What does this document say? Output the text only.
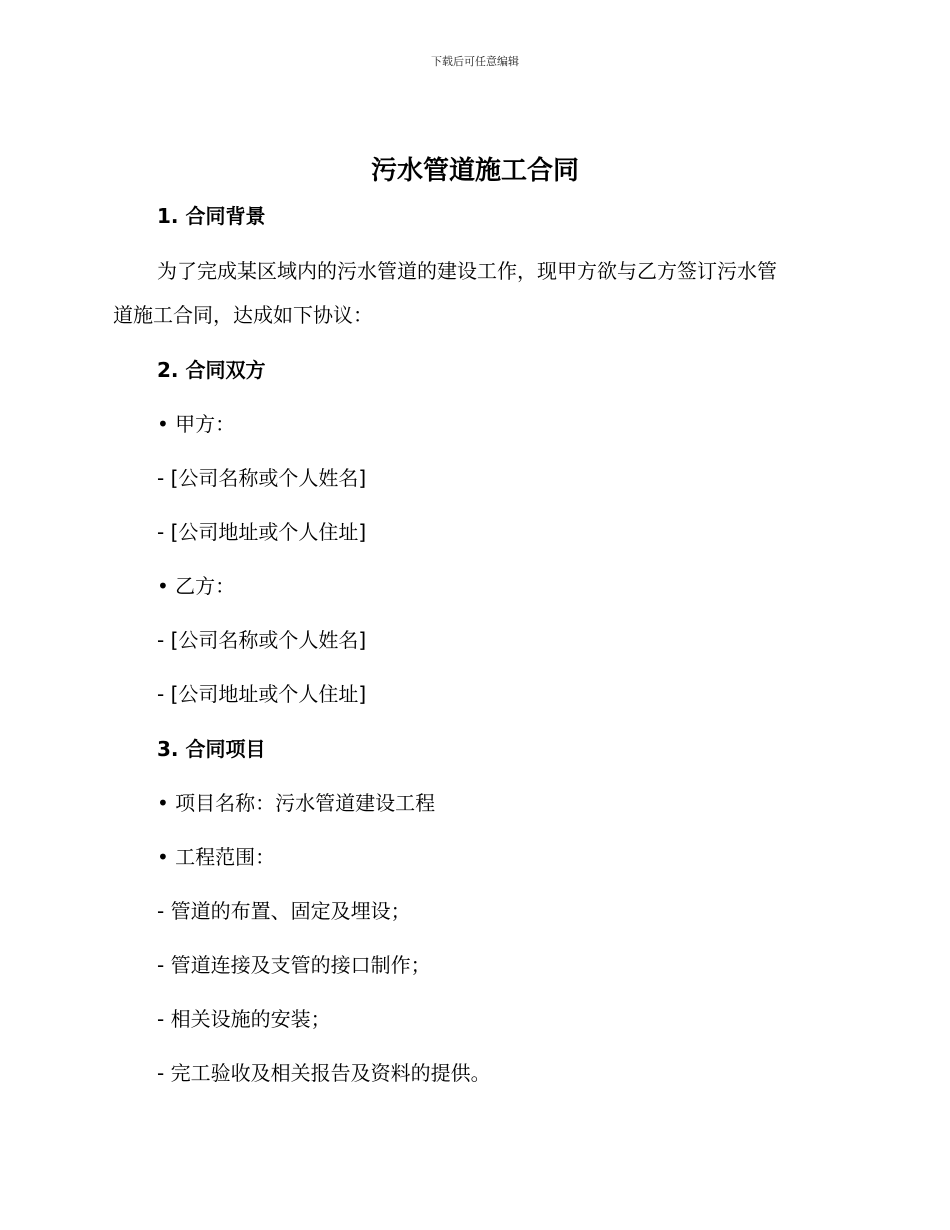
下载后可任意编辑
污水管道施工合同

1. 合同背景

为了完成某区域内的污水管道的建设工作，现甲方欲与乙方签订污水管

道施工合同，达成如下协议：

2. 合同双方

• 甲方：

- [公司名称或个人姓名]

- [公司地址或个人住址]

• 乙方：

- [公司名称或个人姓名]

- [公司地址或个人住址]

3. 合同项目

• 项目名称：污水管道建设工程

• 工程范围：

- 管道的布置、固定及埋设；

- 管道连接及支管的接口制作；

- 相关设施的安装；

- 完工验收及相关报告及资料的提供。
